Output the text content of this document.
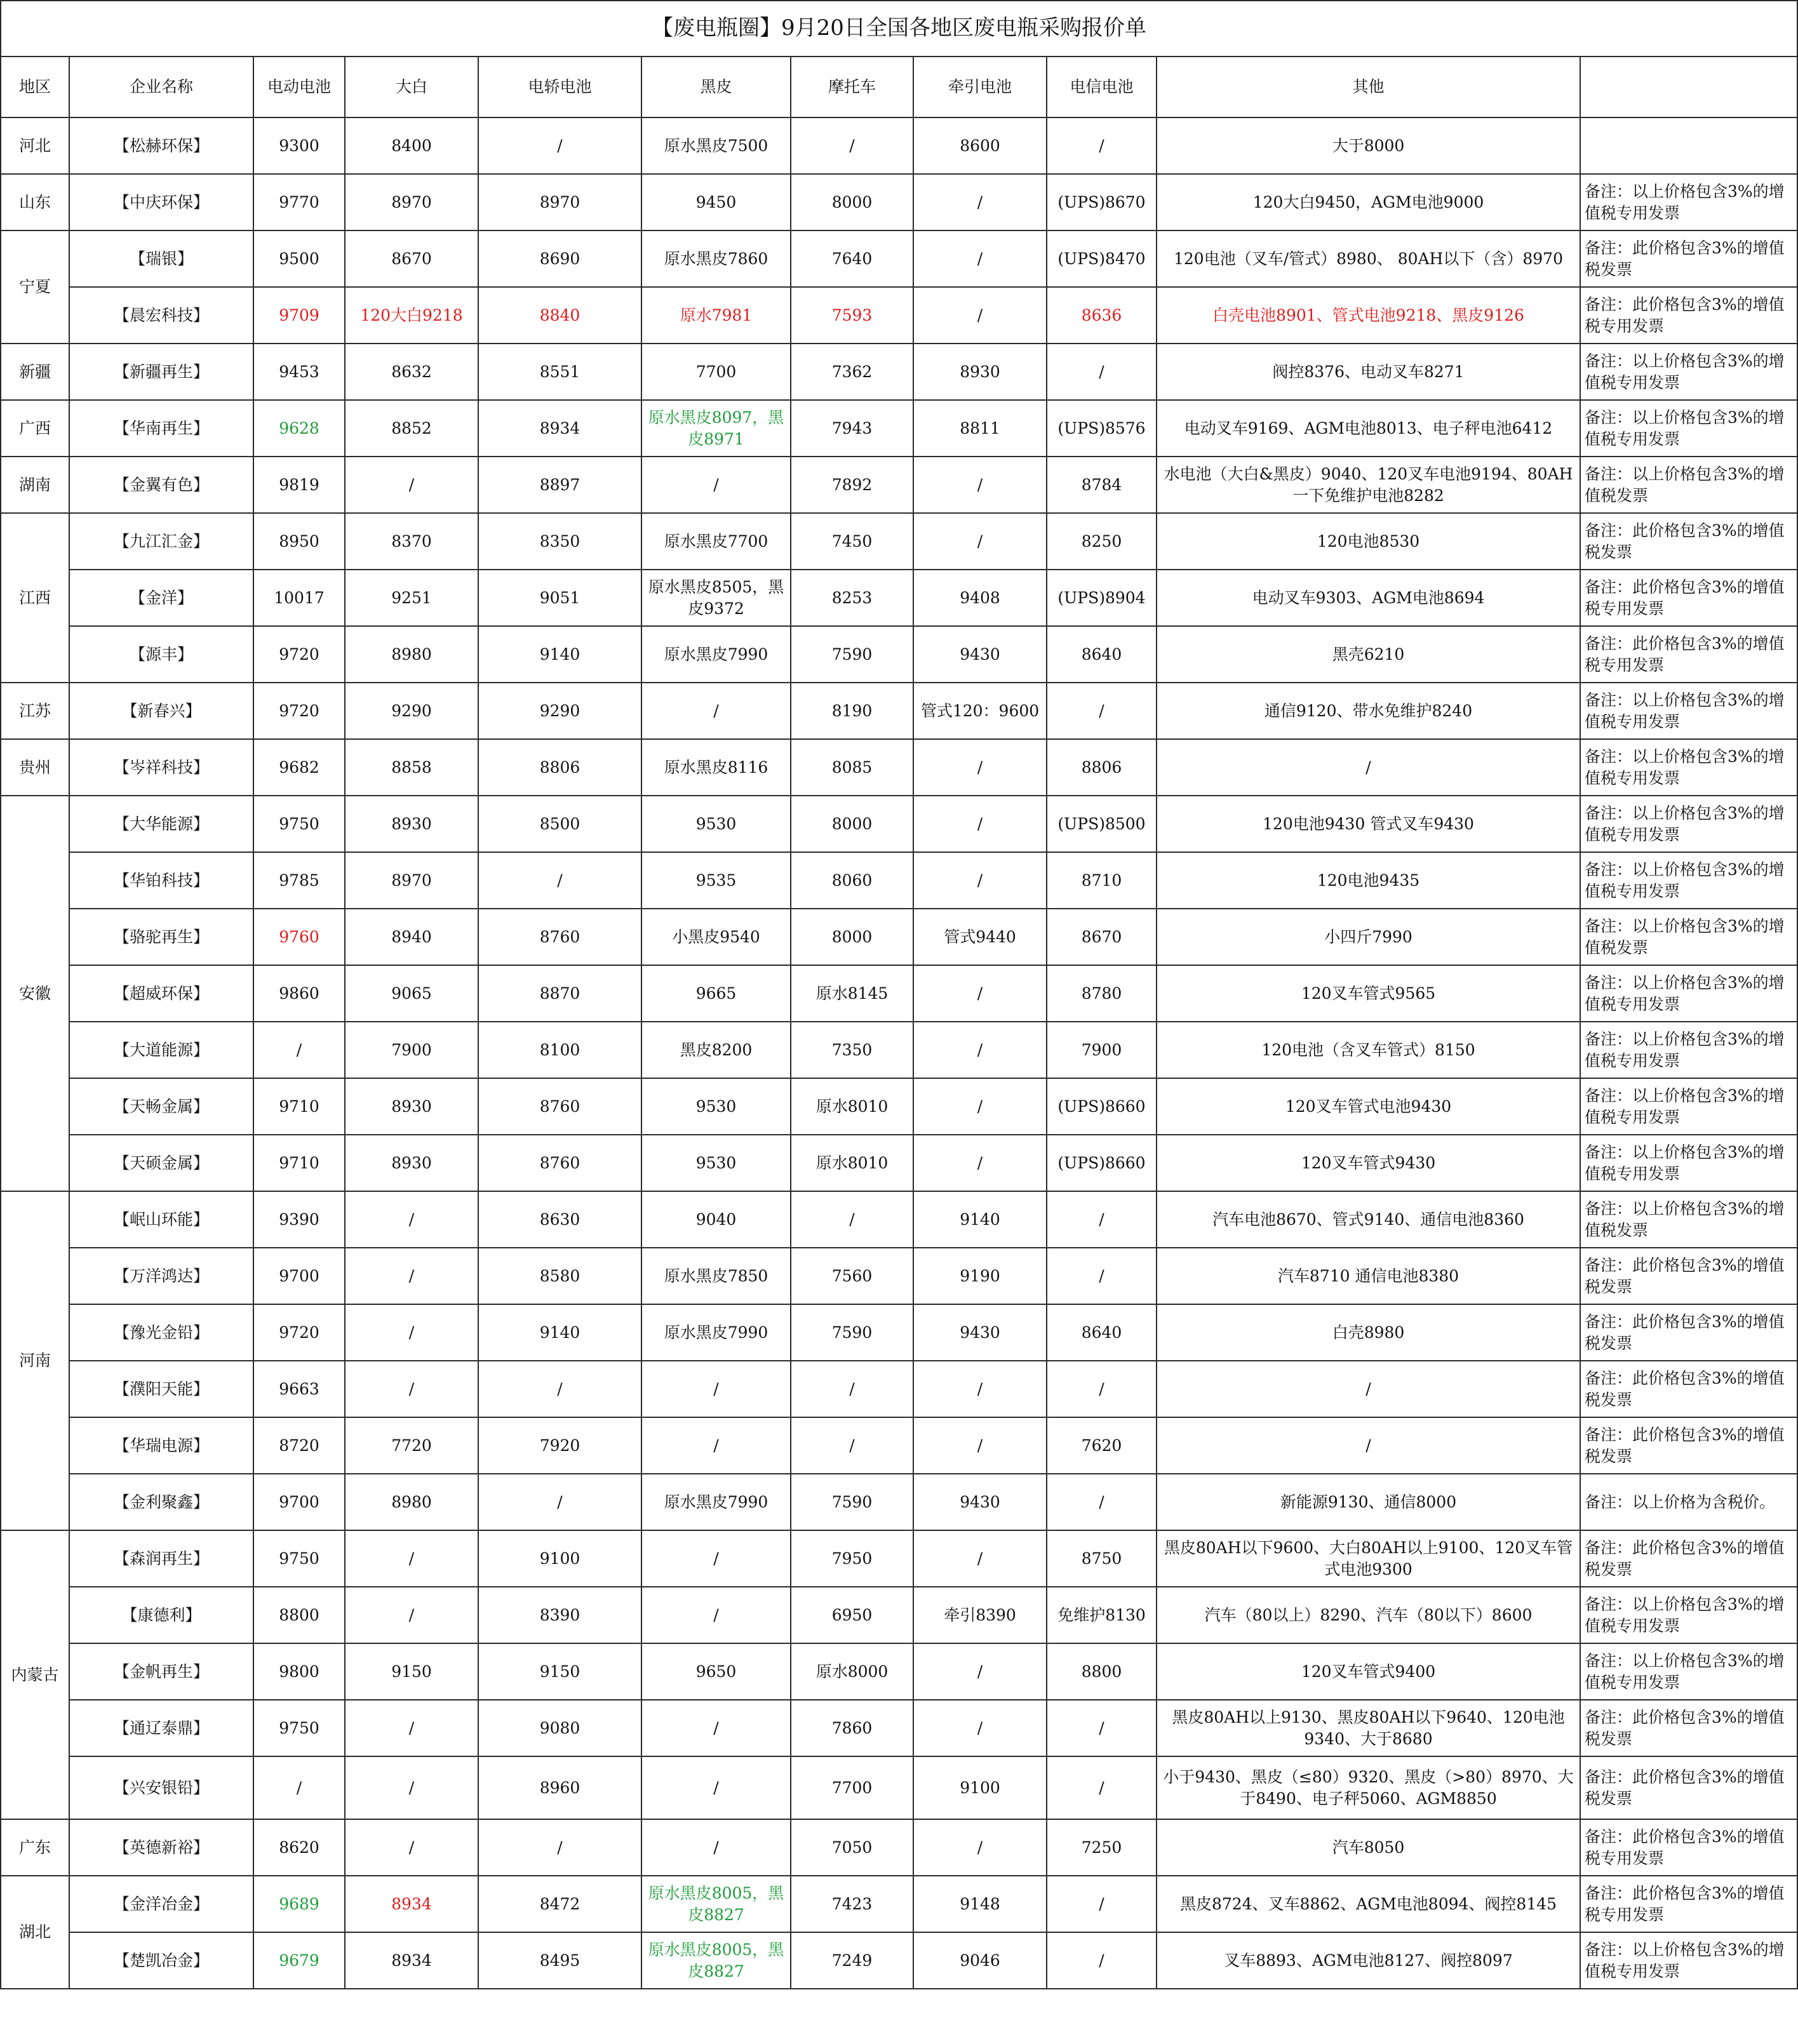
【废电瓶圈】9月20日全国各地区废电瓶采购报价单										
地区	企业名称	电动电池	大白	电轿电池	黑皮	摩托车	牵引电池	电信电池	其他	
河北	【松赫环保】	9300	8400	/	原水黑皮7500	/	8600	/	大于8000	
山东	【中庆环保】	9770	8970	8970	9450	8000	/	(UPS)8670	120大白9450，AGM电池9000	备注：以上价格包含3%的增值税专用发票
宁夏	【瑞银】	9500	8670	8690	原水黑皮7860	7640	/	(UPS)8470	120电池（叉车/管式）8980、 80AH以下（含）8970	备注：此价格包含3%的增值税发票
	【晨宏科技】	9709	120大白9218	8840	原水7981	7593	/	8636	白壳电池8901、管式电池9218、黑皮9126	备注：此价格包含3%的增值税专用发票
新疆	【新疆再生】	9453	8632	8551	7700	7362	8930	/	阀控8376、电动叉车8271	备注：以上价格包含3%的增值税专用发票
广西	【华南再生】	9628	8852	8934	原水黑皮8097，黑皮8971	7943	8811	(UPS)8576	电动叉车9169、AGM电池8013、电子秤电池6412	备注：以上价格包含3%的增值税专用发票
湖南	【金翼有色】	9819	/	8897	/	7892	/	8784	水电池（大白&黑皮）9040、120叉车电池9194、80AH一下免维护电池8282	备注：以上价格包含3%的增值税发票
江西	【九江汇金】	8950	8370	8350	原水黑皮7700	7450	/	8250	120电池8530	备注：此价格包含3%的增值税发票
	【金洋】	10017	9251	9051	原水黑皮8505，黑皮9372	8253	9408	(UPS)8904	电动叉车9303、AGM电池8694	备注：此价格包含3%的增值税专用发票
	【源丰】	9720	8980	9140	原水黑皮7990	7590	9430	8640	黑壳6210	备注：此价格包含3%的增值税专用发票
江苏	【新春兴】	9720	9290	9290	/	8190	管式120：9600	/	通信9120、带水免维护8240	备注：以上价格包含3%的增值税专用发票
贵州	【岑祥科技】	9682	8858	8806	原水黑皮8116	8085	/	8806	/	备注：以上价格包含3%的增值税专用发票
安徽	【大华能源】	9750	8930	8500	9530	8000	/	(UPS)8500	120电池9430 管式叉车9430	备注：以上价格包含3%的增值税专用发票
	【华铂科技】	9785	8970	/	9535	8060	/	8710	120电池9435	备注：以上价格包含3%的增值税专用发票
	【骆驼再生】	9760	8940	8760	小黑皮9540	8000	管式9440	8670	小四斤7990	备注：以上价格包含3%的增值税发票
	【超威环保】	9860	9065	8870	9665	原水8145	/	8780	120叉车管式9565	备注：以上价格包含3%的增值税专用发票
	【大道能源】	/	7900	8100	黑皮8200	7350	/	7900	120电池（含叉车管式）8150	备注：以上价格包含3%的增值税专用发票
	【天畅金属】	9710	8930	8760	9530	原水8010	/	(UPS)8660	120叉车管式电池9430	备注：以上价格包含3%的增值税专用发票
	【天硕金属】	9710	8930	8760	9530	原水8010	/	(UPS)8660	120叉车管式9430	备注：以上价格包含3%的增值税专用发票
河南	【岷山环能】	9390	/	8630	9040	/	9140	/	汽车电池8670、管式9140、通信电池8360	备注：以上价格包含3%的增值税发票
	【万洋鸿达】	9700	/	8580	原水黑皮7850	7560	9190	/	汽车8710 通信电池8380	备注：此价格包含3%的增值税发票
	【豫光金铅】	9720	/	9140	原水黑皮7990	7590	9430	8640	白壳8980	备注：此价格包含3%的增值税发票
	【濮阳天能】	9663	/	/	/	/	/	/	/	备注：此价格包含3%的增值税发票
	【华瑞电源】	8720	7720	7920	/	/	/	7620	/	备注：此价格包含3%的增值税发票
	【金利聚鑫】	9700	8980	/	原水黑皮7990	7590	9430	/	新能源9130、通信8000	备注：以上价格为含税价。
内蒙古	【森润再生】	9750	/	9100	/	7950	/	8750	黑皮80AH以下9600、大白80AH以上9100、120叉车管式电池9300	备注：此价格包含3%的增值税发票
	【康德利】	8800	/	8390	/	6950	牵引8390	免维护8130	汽车（80以上）8290、汽车（80以下）8600	备注：以上价格包含3%的增值税专用发票
	【金帆再生】	9800	9150	9150	9650	原水8000	/	8800	120叉车管式9400	备注：以上价格包含3%的增值税专用发票
	【通辽泰鼎】	9750	/	9080	/	7860	/	/	黑皮80AH以上9130、黑皮80AH以下9640、120电池9340、大于8680	备注：此价格包含3%的增值税发票
	【兴安银铅】	/	/	8960	/	7700	9100	/	小于9430、黑皮（≤80）9320、黑皮（>80）8970、大于8490、电子秤5060、AGM8850	备注：此价格包含3%的增值税发票
广东	【英德新裕】	8620	/	/	/	7050	/	7250	汽车8050	备注：此价格包含3%的增值税专用发票
湖北	【金洋冶金】	9689	8934	8472	原水黑皮8005，黑皮8827	7423	9148	/	黑皮8724、叉车8862、AGM电池8094、阀控8145	备注：此价格包含3%的增值税专用发票
	【楚凯冶金】	9679	8934	8495	原水黑皮8005，黑皮8827	7249	9046	/	叉车8893、AGM电池8127、阀控8097	备注：以上价格包含3%的增值税专用发票
